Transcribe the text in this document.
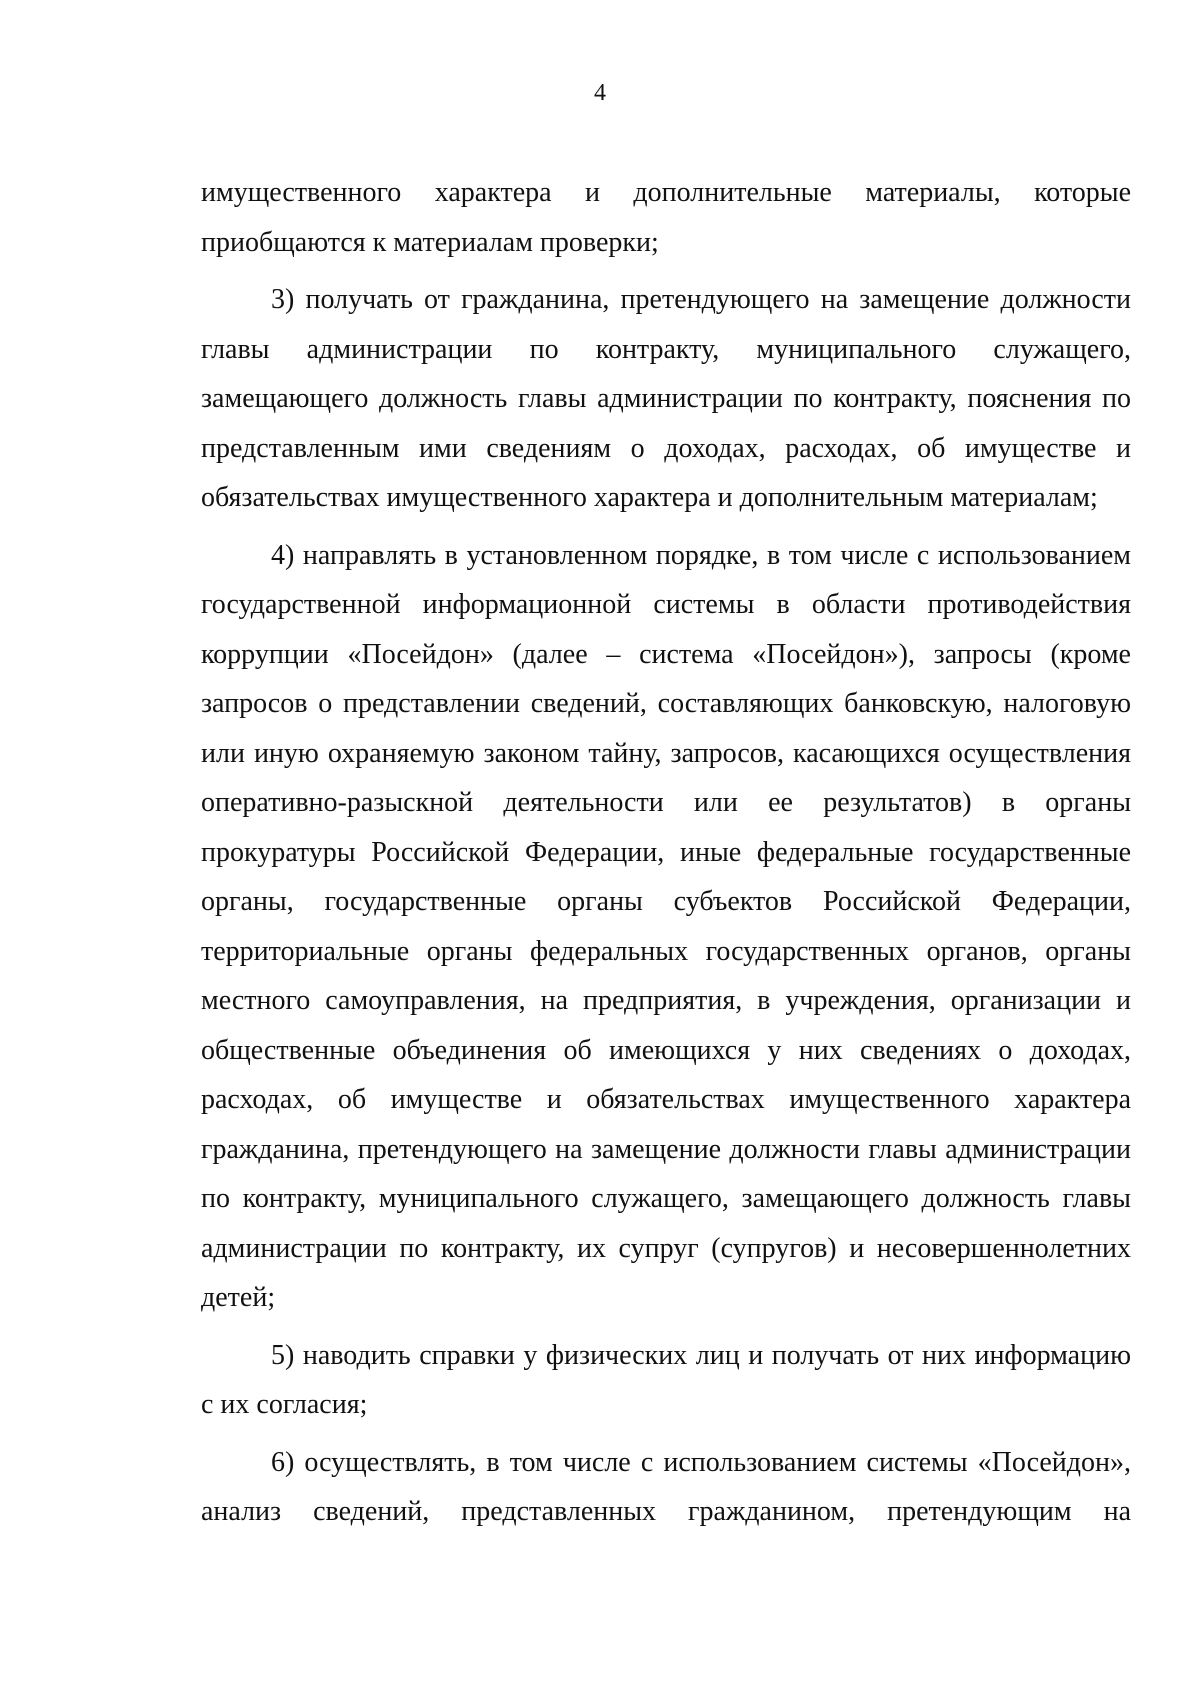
4

имущественного характера и дополнительные материалы, которые приобщаются к материалам проверки;

3) получать от гражданина, претендующего на замещение должности главы администрации по контракту, муниципального служащего, замещающего должность главы администрации по контракту, пояснения по представленным ими сведениям о доходах, расходах, об имуществе и обязательствах имущественного характера и дополнительным материалам;

4) направлять в установленном порядке, в том числе с использованием государственной информационной системы в области противодействия коррупции «Посейдон» (далее – система «Посейдон»), запросы (кроме запросов о представлении сведений, составляющих банковскую, налоговую или иную охраняемую законом тайну, запросов, касающихся осуществления оперативно-разыскной деятельности или ее результатов) в органы прокуратуры Российской Федерации, иные федеральные государственные органы, государственные органы субъектов Российской Федерации, территориальные органы федеральных государственных органов, органы местного самоуправления, на предприятия, в учреждения, организации и общественные объединения об имеющихся у них сведениях о доходах, расходах, об имуществе и обязательствах имущественного характера гражданина, претендующего на замещение должности главы администрации по контракту, муниципального служащего, замещающего должность главы администрации по контракту, их супруг (супругов) и несовершеннолетних детей;

5) наводить справки у физических лиц и получать от них информацию с их согласия;

6) осуществлять, в том числе с использованием системы «Посейдон», анализ сведений, представленных гражданином, претендующим на
